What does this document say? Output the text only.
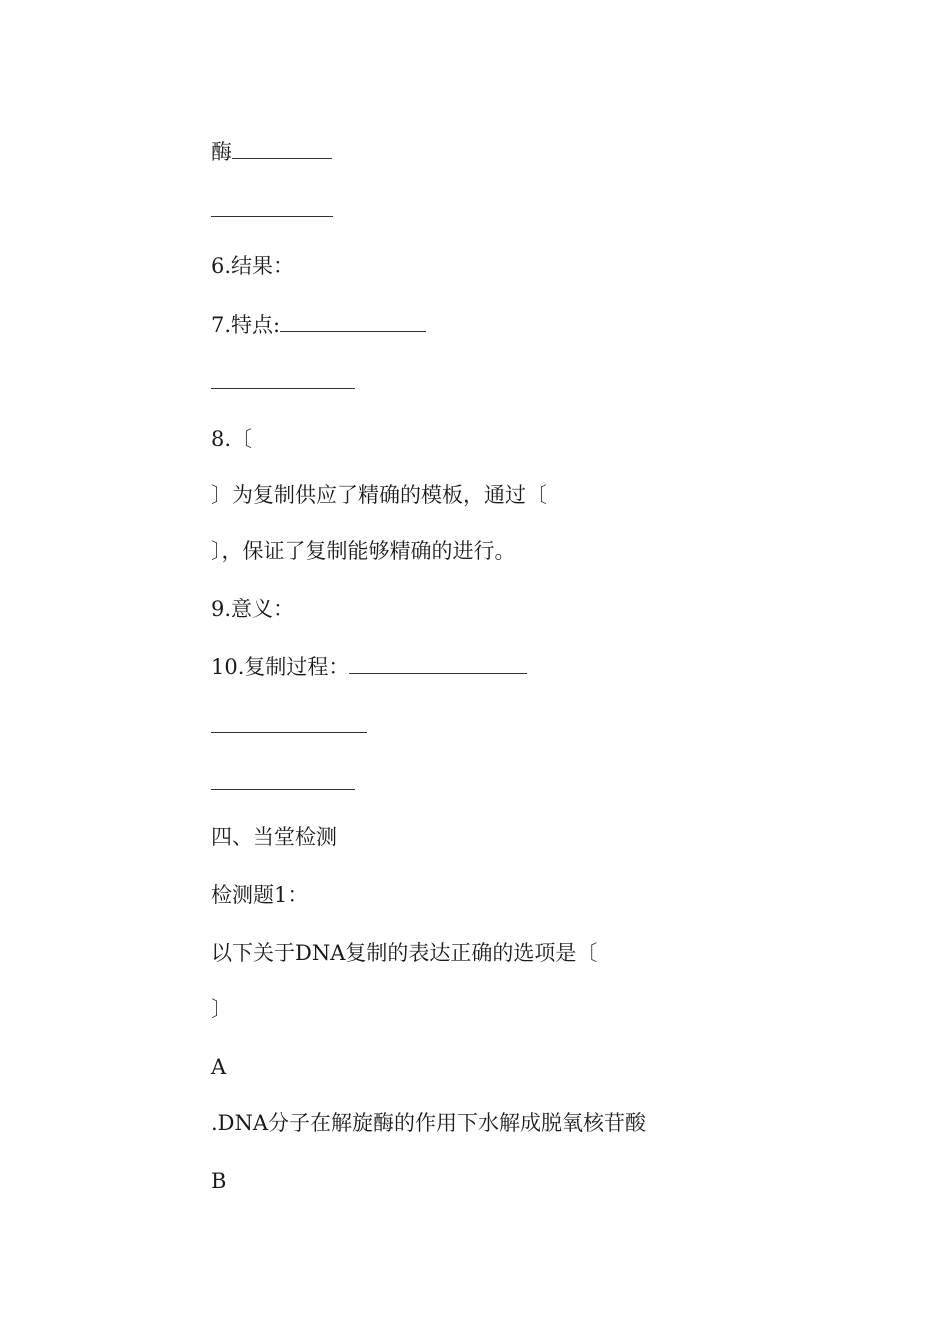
酶
6.结果：
7.特点:
8.〔
〕为复制供应了精确的模板，通过〔
〕，保证了复制能够精确的进行。
9.意义：
10.复制过程：
四、当堂检测
检测题1：
以下关于DNA复制的表达正确的选项是〔
〕
A
.DNA分子在解旋酶的作用下水解成脱氧核苷酸
B
